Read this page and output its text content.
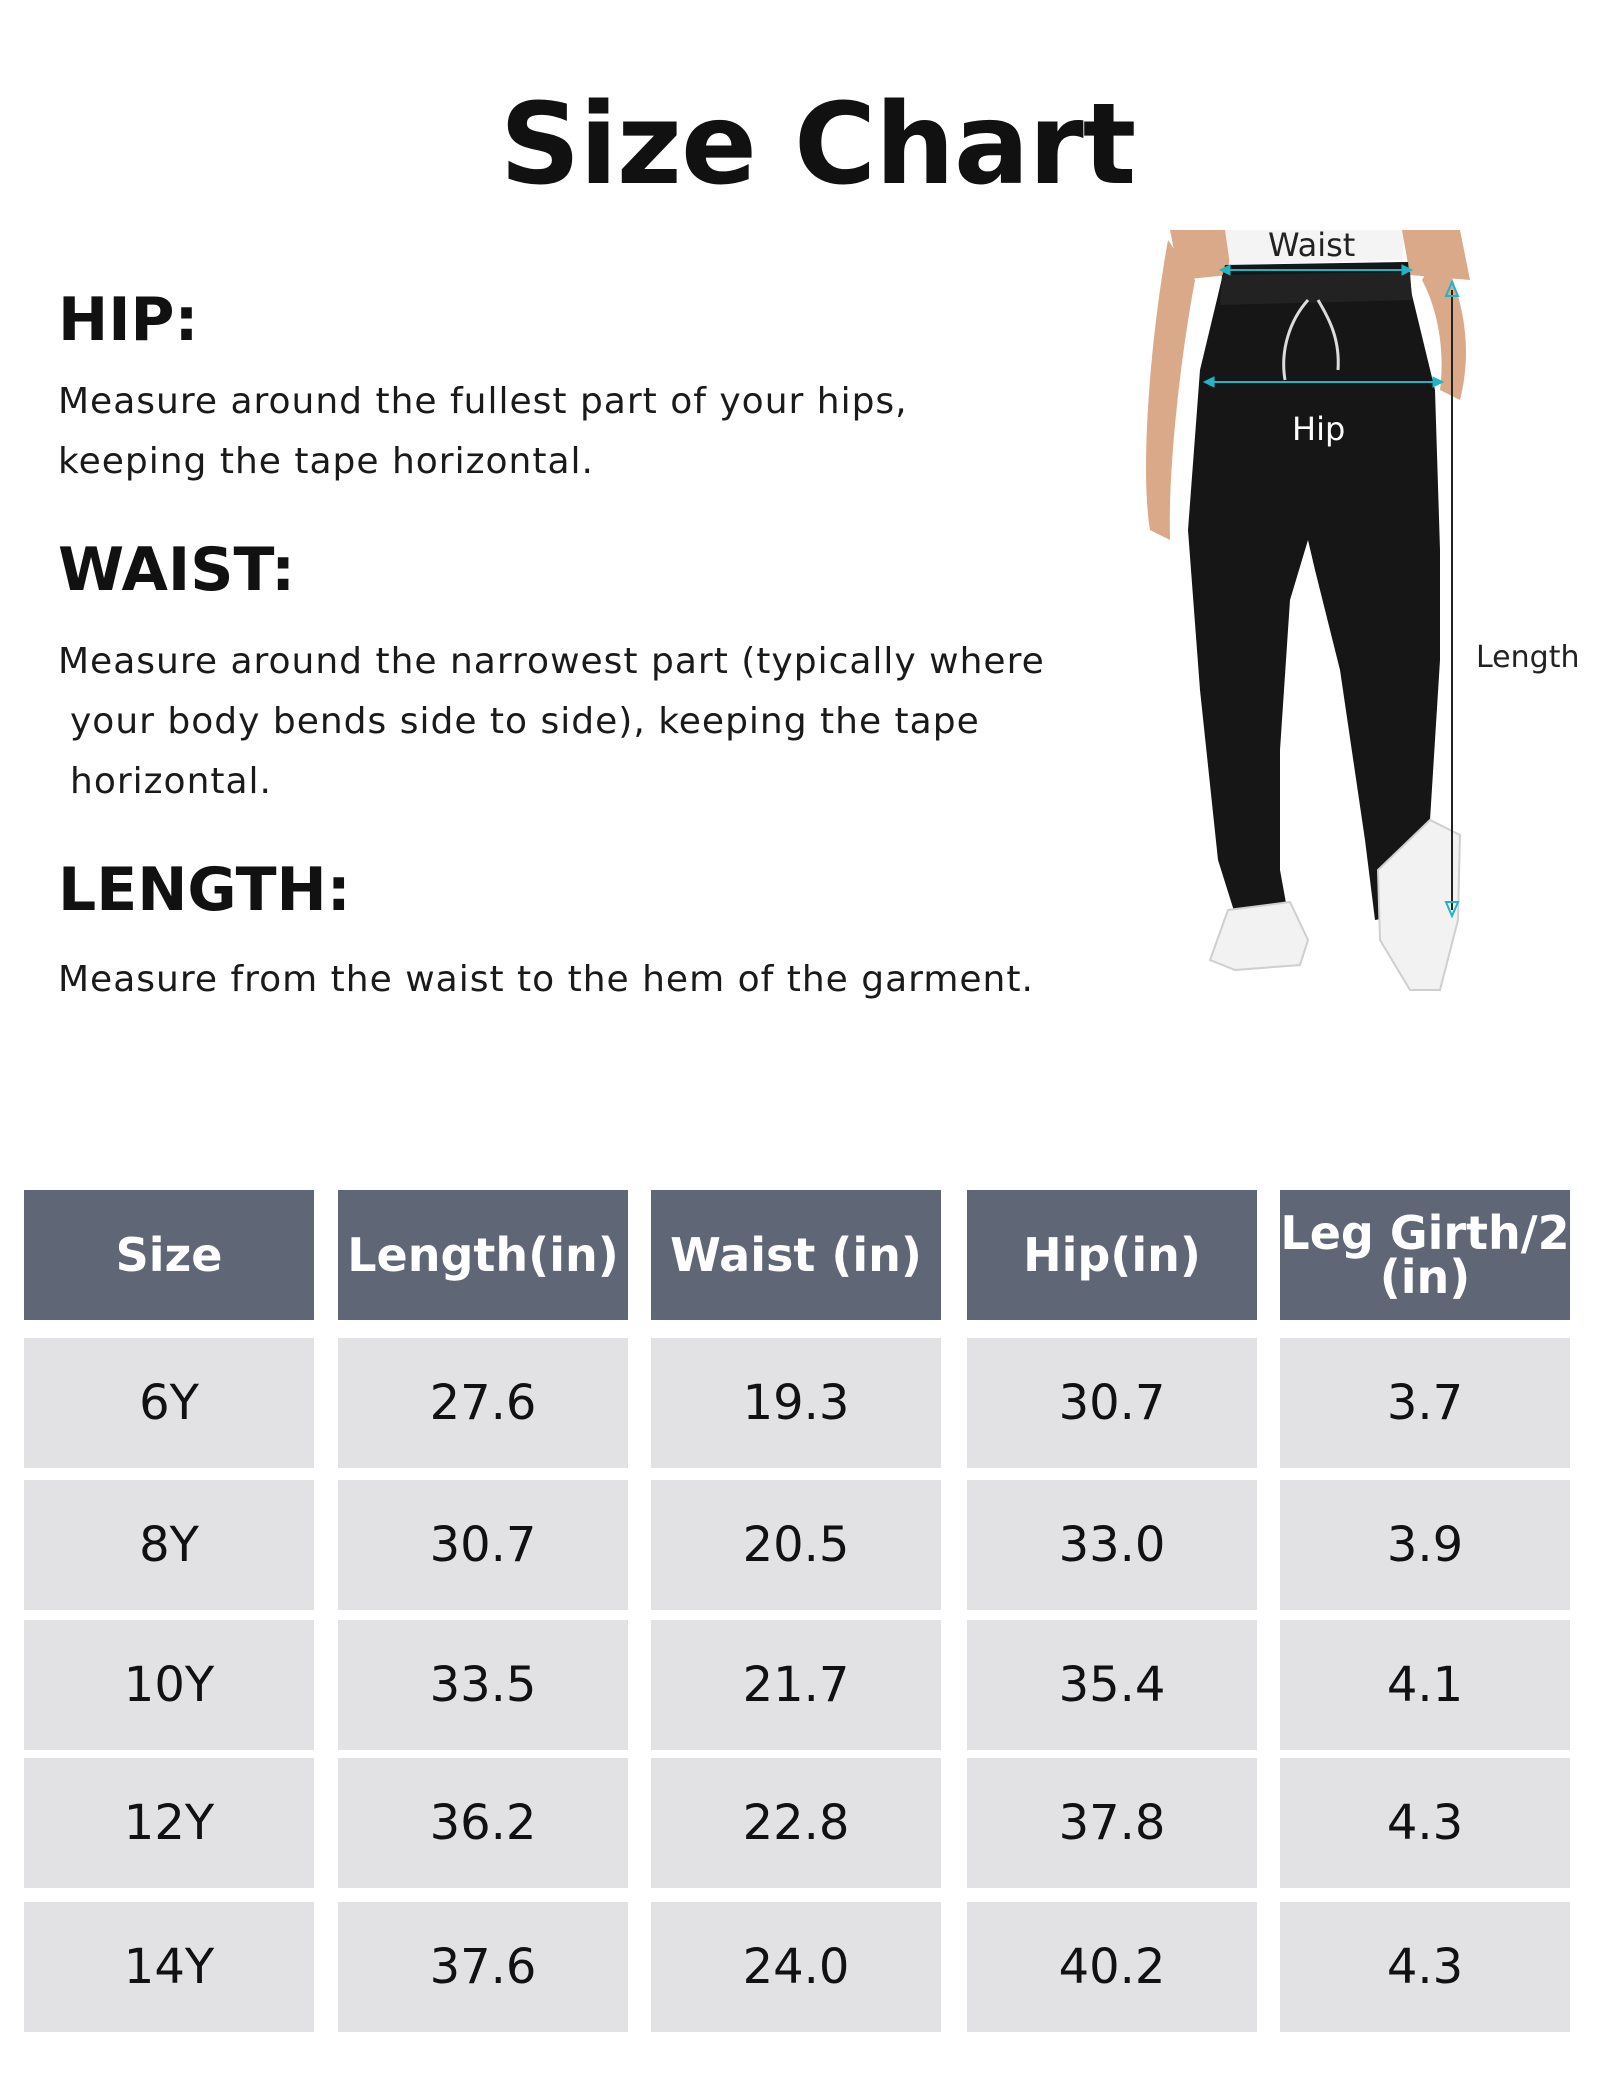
Size Chart
HIP:
Measure around the fullest part of your hips,
keeping the tape horizontal.
WAIST:
Measure around the narrowest part (typically where
your body bends side to side), keeping the tape
horizontal.
LENGTH:
Measure from the waist to the hem of the garment.
Waist
Hip
Length
Size	Length(in)	Waist (in)	Hip(in)	Leg Girth/2
(in)
6Y	27.6	19.3	30.7	3.7
8Y	30.7	20.5	33.0	3.9
10Y	33.5	21.7	35.4	4.1
12Y	36.2	22.8	37.8	4.3
14Y	37.6	24.0	40.2	4.3
